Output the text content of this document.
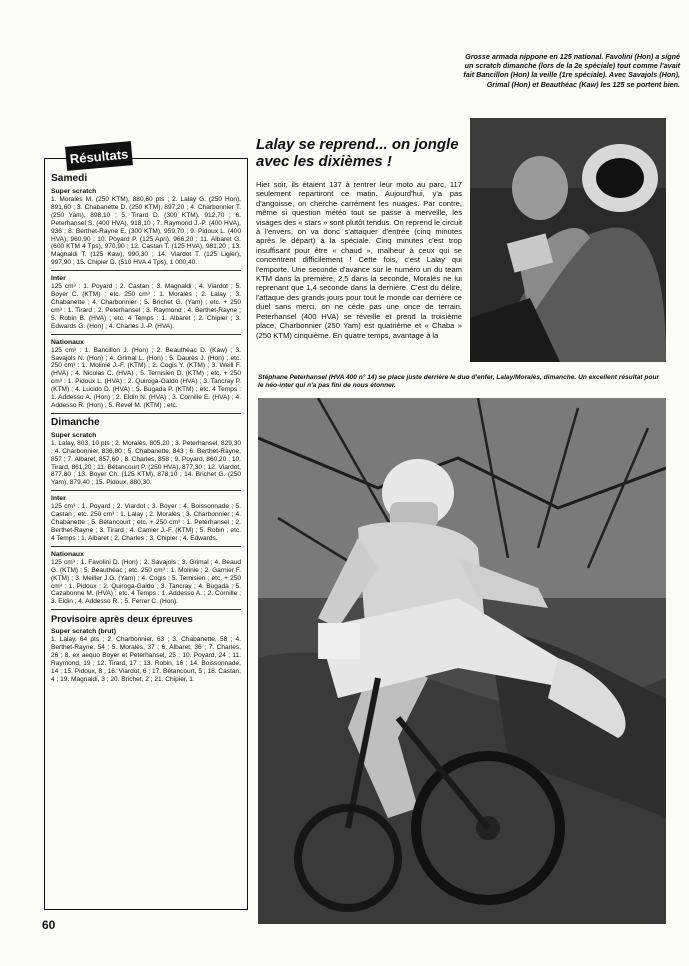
Grosse armada nippone en 125 national. Favolini (Hon) a signé un scratch dimanche (lors de la 2e spéciale) tout comme l'avait fait Bancillon (Hon) la veille (1re spéciale). Avec Savajols (Hon), Grimal (Hon) et Beauthéac (Kaw) les 125 se portent bien.

Résultats
Samedi
Super scratch

1. Moralès M. (250 KTM), 880,60 pts ; 2. Lalay G. (250 Hon), 891,60 ; 3. Chabanette D. (250 KTM), 897,20 ; 4. Charbonnier T. (250 Yam), 898,10 ; 5. Tirard D. (300 KTM), 912,70 ; 6. Peterhansel S. (400 HVA), 918,10 ; 7. Raymond J.-P. (400 HVA), 936 ; 8. Berthet-Rayne E. (300 KTM), 959,70 ; 9. Pidoux L. (400 HVA), 960,90 ; 10. Poyard P. (125 Apri), 966,20 ; 11. Albaret G. (600 KTM 4 Tps), 970,90 ; 12. Castan T. (125 HVA), 981,20 ; 13. Magnaldi T. (125 Kaw), 990,30 ; 14. Viardot T. (125 Ligier), 997,90 ; 15. Chipier D. (510 HVA 4 Tps), 1 000,40.

Inter

125 cm³ : 1. Poyard ; 2. Castan ; 3. Magnaldi ; 4. Viardot ; 5. Boyer C. (KTM) ; etc. 250 cm³ : 1. Moralès ; 2. Lalay ; 3. Chabanette ; 4. Charbonnier ; 5. Brichet G. (Yam) ; etc. + 250 cm³ : 1. Tirard ; 2. Peterhansel ; 3. Raymond ; 4. Berthet-Rayne ; 5. Robin B. (HVA) ; etc. 4 Temps : 1. Albaret ; 2. Chipier ; 3. Edwards G. (Hon) ; 4. Charles J.-P. (HVA).

Nationaux

125 cm³ : 1. Bancillon J. (Hon) ; 2. Beauthéac D. (Kaw) ; 3. Savajols N. (Hon) ; 4. Grimal L. (Hon) ; 5. Daurès J. (Hon) ; etc. 250 cm³ : 1. Molinié J.-F. (KTM) ; 2. Cogis Y. (KTM) ; 3. Weill F. (HVA) ; 4. Nicolas C. (HVA) ; 5. Ternisien D. (KTM) ; etc. + 250 cm³ : 1. Pidoux L. (HVA) ; 2. Quiroga-Galdo (HVA) ; 3. Tancray P. (KTM) ; 4. Lucido D. (HVA) ; 5. Bugada P. (KTM) ; etc. 4 Temps : 1. Addesso A. (Hon) ; 2. Eldin N. (HVA) ; 3. Cornille E. (HVA) ; 4. Addesso R. (Hon) ; 5. Revel M. (KTM) ; etc.

Dimanche
Super scratch

1. Lalay, 803, 10 pts ; 2. Moralès, 805,20 ; 3. Peterhansel, 829,30 ; 4. Charbonnier, 836,80 ; 5. Chabanette, 843 ; 6. Berthet-Rayne, 857 ; 7. Albaret, 857,60 ; 8. Charles, 858 ; 9. Poyard, 860,20 ; 10. Tirard, 861,20 ; 11. Bétancourt P. (250 HVA), 877,30 ; 12. Viardot, 877,80 ; 13. Boyer Ch. (125 KTM), 878,10 ; 14. Brichet G. (250 Yam), 879,40 ; 15. Pidoux, 880,30.

Inter

125 cm³ : 1. Poyard ; 2. Viardot ; 3. Boyer ; 4. Boissonnade ; 5. Castan ; etc. 250 cm³ : 1. Lalay ; 2. Moralès ; 3. Charbonnier ; 4. Chabanette ; 5. Bétancourt ; etc. + 250 cm³ : 1. Peterhansel ; 2. Berthet-Rayne ; 3. Tirard ; 4. Camier J.-F. (KTM) ; 5. Robin ; etc. 4 Temps : 1. Albaret ; 2. Charles ; 3. Chipier ; 4. Edwards.

Nationaux

125 cm³ : 1. Favolini D. (Hon) ; 2. Savajols ; 3. Grimal ; 4. Beaud G. (KTM) ; 5. Beauthéac ; etc. 250 cm³ : 1. Molinie ; 2. Garnier F. (KTM) ; 3. Meiller J.G. (Yam) ; 4. Cogis ; 5. Ternisien ; etc. + 250 cm³ : 1. Pidoux ; 2. Quiroga-Galdo ; 3. Tancray ; 4. Bugada ; 5. Cazabonne M. (HVA) ; etc. 4 Temps : 1. Addesso A. ; 2. Cornille ; 3. Eldin ; 4. Addesso R. ; 5. Ferrer C. (Hon).

Provisoire après deux épreuves
Super scratch (brut)

1. Lalay, 64 pts ; 2. Charbonnier, 63 ; 3. Chabanette, 58 ; 4. Berthet-Rayne, 54 ; 5. Moralès, 37 ; 6. Albaret, 36 ; 7. Charles, 26 ; 8. ex aequo Boyer et Peterhansel, 25 ; 10. Poyard, 24 ; 11. Raymond, 19 ; 12. Tirard, 17 ; 13. Robin, 16 ; 14. Boissonnade, 14 ; 15. Pidoux, 8 ; 16. Viardot, 6 ; 17. Bétancourt, 5 ; 18. Castan, 4 ; 19. Magnaldi, 3 ; 20. Brichet, 2 ; 21. Chipier, 1.

60
Lalay se reprend... on jongle avec les dixièmes !

Hier soir, ils étaient 137 à rentrer leur moto au parc, 117 seulement repartiront ce matin. Aujourd'hui, y'a pas d'angoisse, on cherche carrément les nuages. Par contre, même si question météo tout se passe à merveille, les visages des « stars » sont plutôt tendus. On reprend le circuit à l'envers, on va donc s'attaquer d'entrée (cinq minutes après le départ) à la spéciale. Cinq minutes c'est trop insuffisant pour être « chaud », malheur à ceux qui se concentrent difficilement ! Cette fois, c'est Lalay qui l'emporte. Une seconde d'avance sur le numéro un du team KTM dans la première, 2,5 dans la seconde, Moralès ne lui reprenant que 1,4 seconde dans la dernière. C'est du délire, l'attaque des grands jours pour tout le monde car derrière ce duel sans merci, on ne cède pas une once de terrain. Peterhansel (400 HVA) se réveille et prend la troisième place, Charbonnier (250 Yam) est quatrième et « Chaba » (250 KTM) cinquième. En quatre temps, avantage à la

Stéphane Peterhansel (HVA 400 n° 14) se place juste derrière le duo d'enfer, Lalay/Moralès, dimanche. Un excellent résultat pour le néo-inter qui n'a pas fini de nous étonner.
